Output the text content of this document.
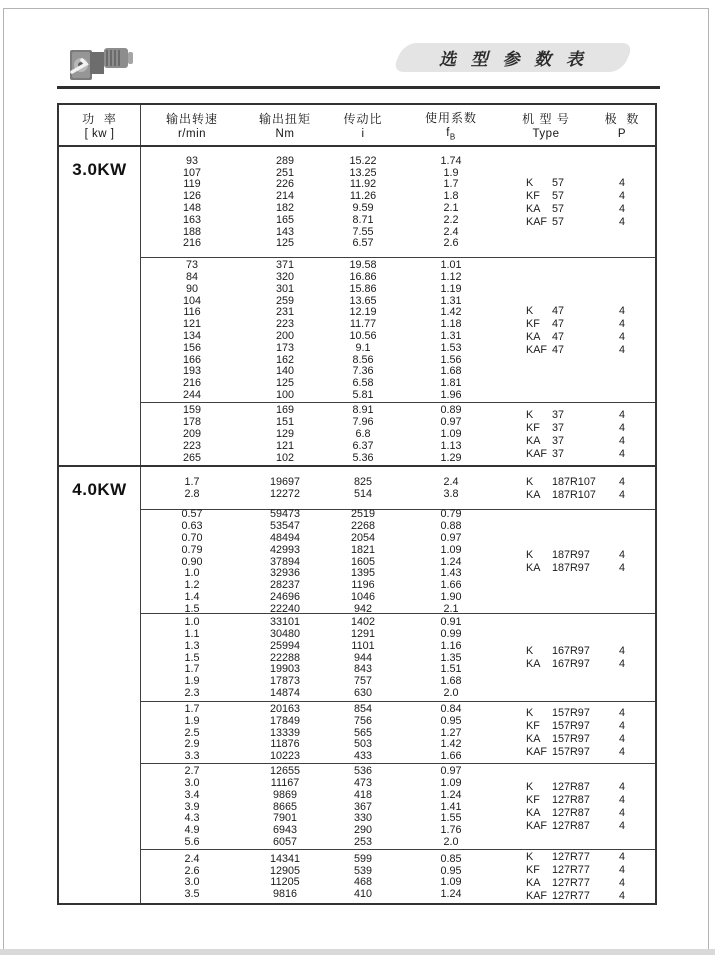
选 型 参 数 表
功  率
[ kw ]
输出转速
r/min
输出扭矩
Nm
传动比
i
使用系数
$f_B$
机 型 号
Type
极  数
P
3.0KW	93	289	15.22	1.74
107	251	13.25	1.9
119	226	11.92	1.7
126	214	11.26	1.8
148	182	9.59	2.1
163	165	8.71	2.2
188	143	7.55	2.4
216	125	6.57	2.6
K 57	4
KF 57	4
KA 57	4
KAF 57	4
73	371	19.58	1.01
84	320	16.86	1.12
90	301	15.86	1.19
104	259	13.65	1.31
116	231	12.19	1.42
121	223	11.77	1.18
134	200	10.56	1.31
156	173	9.1	1.53
166	162	8.56	1.56
193	140	7.36	1.68
216	125	6.58	1.81
244	100	5.81	1.96
K 47	4
KF 47	4
KA 47	4
KAF 47	4
159	169	8.91	0.89
178	151	7.96	0.97
209	129	6.8	1.09
223	121	6.37	1.13
265	102	5.36	1.29
K 37	4
KF 37	4
KA 37	4
KAF 37	4
4.0KW	1.7	19697	825	2.4
2.8	12272	514	3.8
K 187R107	4
KA 187R107	4
0.57	59473	2519	0.79
0.63	53547	2268	0.88
0.70	48494	2054	0.97
0.79	42993	1821	1.09
0.90	37894	1605	1.24
1.0	32936	1395	1.43
1.2	28237	1196	1.66
1.4	24696	1046	1.90
1.5	22240	942	2.1
K 187R97	4
KA 187R97	4
1.0	33101	1402	0.91
1.1	30480	1291	0.99
1.3	25994	1101	1.16
1.5	22288	944	1.35
1.7	19903	843	1.51
1.9	17873	757	1.68
2.3	14874	630	2.0
K 167R97	4
KA 167R97	4
1.7	20163	854	0.84
1.9	17849	756	0.95
2.5	13339	565	1.27
2.9	11876	503	1.42
3.3	10223	433	1.66
K 157R97	4
KF 157R97	4
KA 157R97	4
KAF 157R97	4
2.7	12655	536	0.97
3.0	11167	473	1.09
3.4	9869	418	1.24
3.9	8665	367	1.41
4.3	7901	330	1.55
4.9	6943	290	1.76
5.6	6057	253	2.0
K 127R87	4
KF 127R87	4
KA 127R87	4
KAF 127R87	4
2.4	14341	599	0.85
2.6	12905	539	0.95
3.0	11205	468	1.09
3.5	9816	410	1.24
K 127R77	4
KF 127R77	4
KA 127R77	4
KAF 127R77	4
